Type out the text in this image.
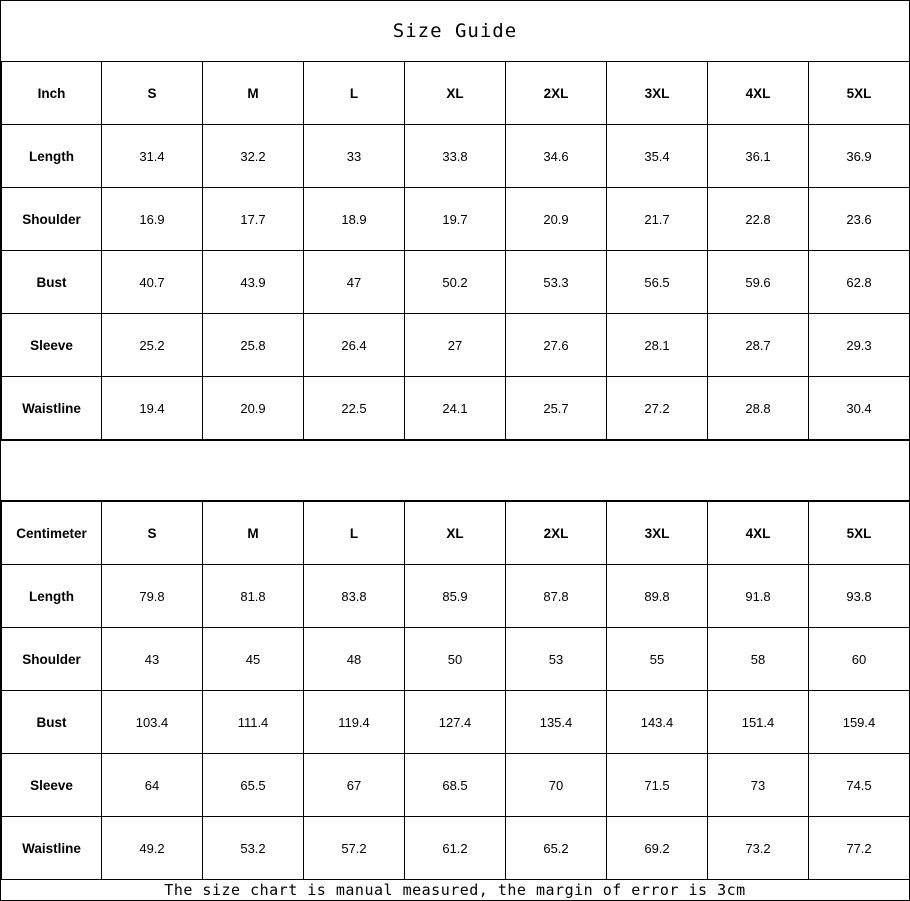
Size Guide
Inch	S	M	L	XL	2XL	3XL	4XL	5XL
Length	31.4	32.2	33	33.8	34.6	35.4	36.1	36.9
Shoulder	16.9	17.7	18.9	19.7	20.9	21.7	22.8	23.6
Bust	40.7	43.9	47	50.2	53.3	56.5	59.6	62.8
Sleeve	25.2	25.8	26.4	27	27.6	28.1	28.7	29.3
Waistline	19.4	20.9	22.5	24.1	25.7	27.2	28.8	30.4
Centimeter	S	M	L	XL	2XL	3XL	4XL	5XL
Length	79.8	81.8	83.8	85.9	87.8	89.8	91.8	93.8
Shoulder	43	45	48	50	53	55	58	60
Bust	103.4	111.4	119.4	127.4	135.4	143.4	151.4	159.4
Sleeve	64	65.5	67	68.5	70	71.5	73	74.5
Waistline	49.2	53.2	57.2	61.2	65.2	69.2	73.2	77.2
The size chart is manual measured, the margin of error is 3cm
